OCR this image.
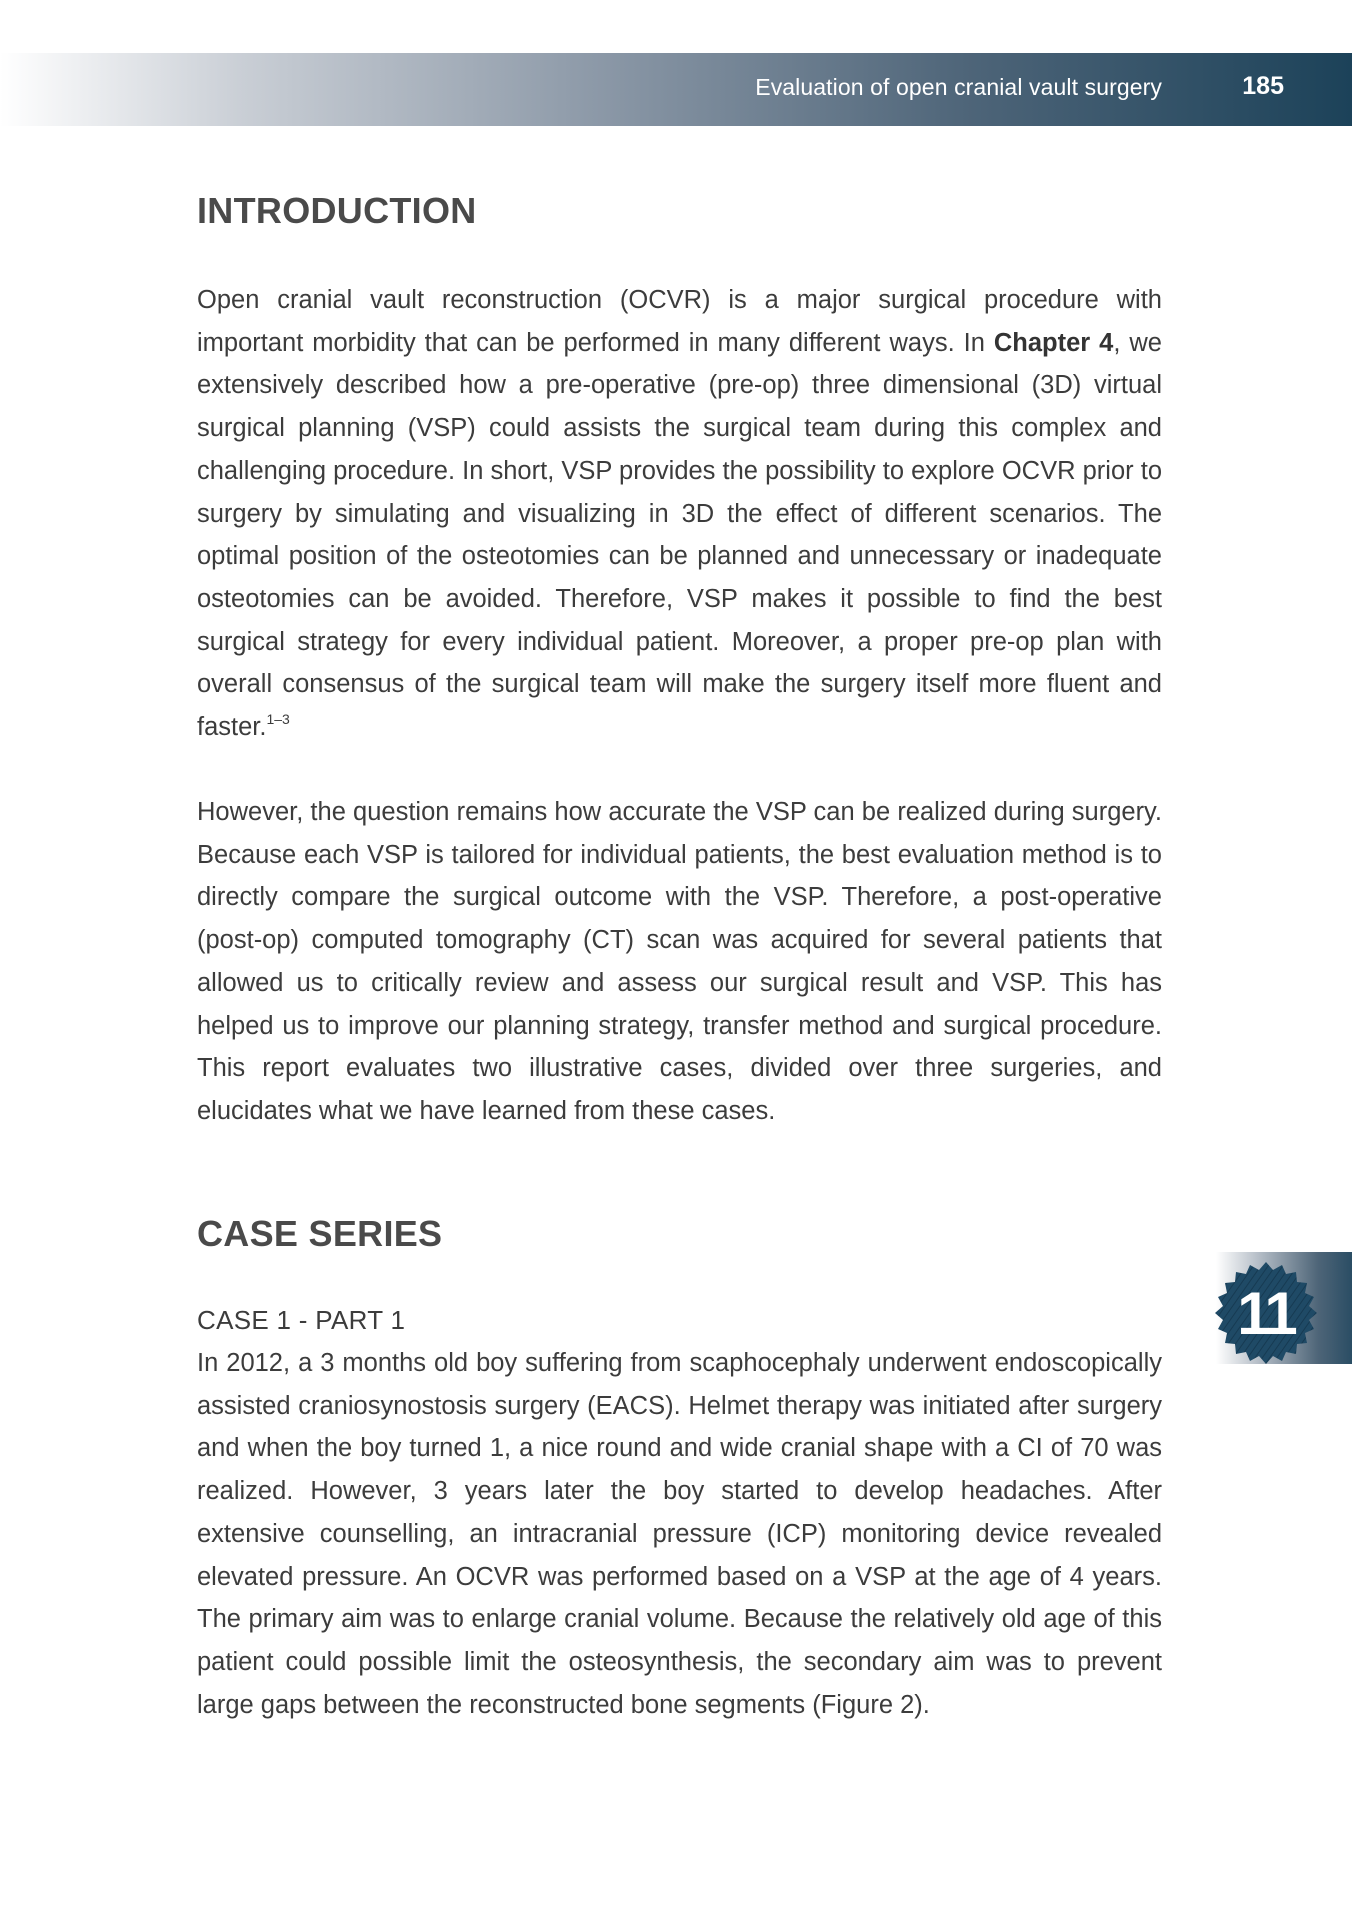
Evaluation of open cranial vault surgery	185
INTRODUCTION

Open cranial vault reconstruction (OCVR) is a major surgical procedure with important morbidity that can be performed in many different ways. In Chapter 4, we extensively described how a pre-operative (pre-op) three dimensional (3D) virtual surgical planning (VSP) could assists the surgical team during this complex and challenging procedure. In short, VSP provides the possibility to explore OCVR prior to surgery by simulating and visualizing in 3D the effect of different scenarios. The optimal position of the osteotomies can be planned and unnecessary or inadequate osteotomies can be avoided. Therefore, VSP makes it possible to find the best surgical strategy for every individual patient. Moreover, a proper pre-op plan with overall consensus of the surgical team will make the surgery itself more fluent and faster.$^{1-3}$

However, the question remains how accurate the VSP can be realized during surgery. Because each VSP is tailored for individual patients, the best evaluation method is to directly compare the surgical outcome with the VSP. Therefore, a post-operative (post-op) computed tomography (CT) scan was acquired for several patients that allowed us to critically review and assess our surgical result and VSP. This has helped us to improve our planning strategy, transfer method and surgical procedure. This report evaluates two illustrative cases, divided over three surgeries, and elucidates what we have learned from these cases.

CASE SERIES
CASE 1 - PART 1

In 2012, a 3 months old boy suffering from scaphocephaly underwent endoscopically assisted craniosynostosis surgery (EACS). Helmet therapy was initiated after surgery and when the boy turned 1, a nice round and wide cranial shape with a CI of 70 was realized. However, 3 years later the boy started to develop headaches. After extensive counselling, an intracranial pressure (ICP) monitoring device revealed elevated pressure. An OCVR was performed based on a VSP at the age of 4 years. The primary aim was to enlarge cranial volume. Because the relatively old age of this patient could possible limit the osteosynthesis, the secondary aim was to prevent large gaps between the reconstructed bone segments (Figure 2).

11
